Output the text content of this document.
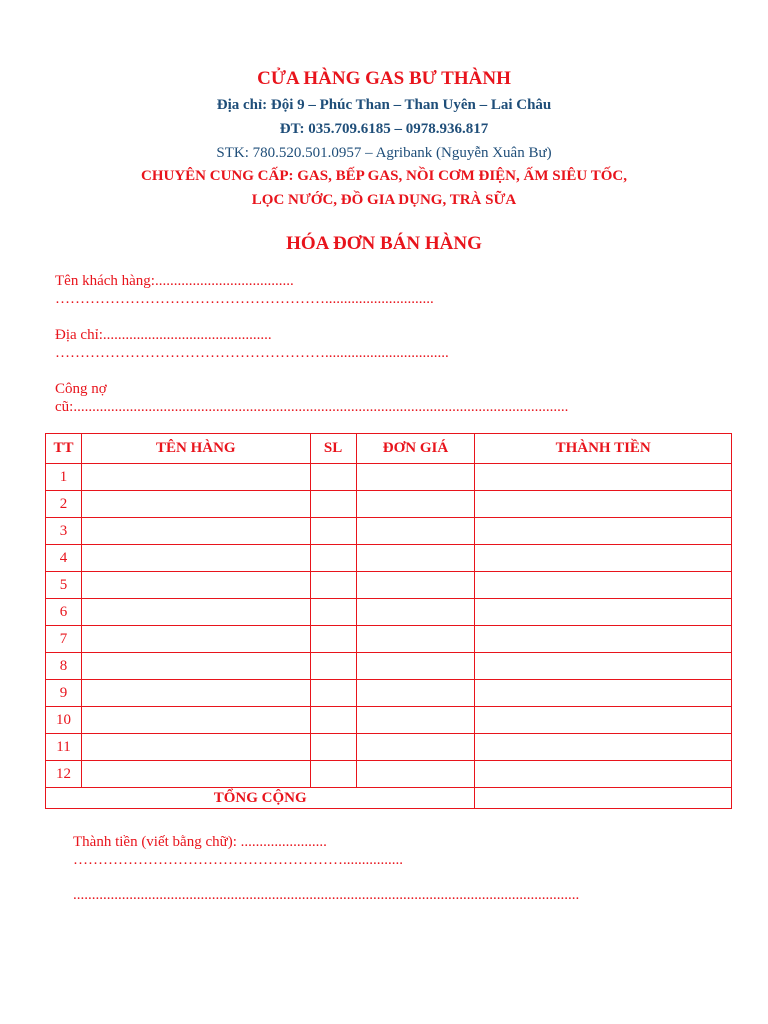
CỬA HÀNG GAS BƯ THÀNH
Địa chỉ: Đội 9 – Phúc Than – Than Uyên – Lai Châu
ĐT: 035.709.6185 – 0978.936.817
STK: 780.520.501.0957 – Agribank (Nguyễn Xuân Bư)
CHUYÊN CUNG CẤP: GAS, BẾP GAS, NỒI CƠM ĐIỆN, ẤM SIÊU TỐC,
LỌC NƯỚC, ĐỒ GIA DỤNG, TRÀ SỮA
HÓA ĐƠN BÁN HÀNG
Tên khách hàng:.....................................
……………………………………………….............................
Địa chỉ:.............................................
……………………………………………….................................
Công nợ
cũ:....................................................................................................................................
TT	TÊN HÀNG	SL	ĐƠN GIÁ	THÀNH TIỀN
1				
2				
3				
4				
5				
6				
7				
8				
9				
10				
11				
12				
TỔNG CỘNG				
Thành tiền (viết bằng chữ): .......................
………………………………………………................
.......................................................................................................................................
